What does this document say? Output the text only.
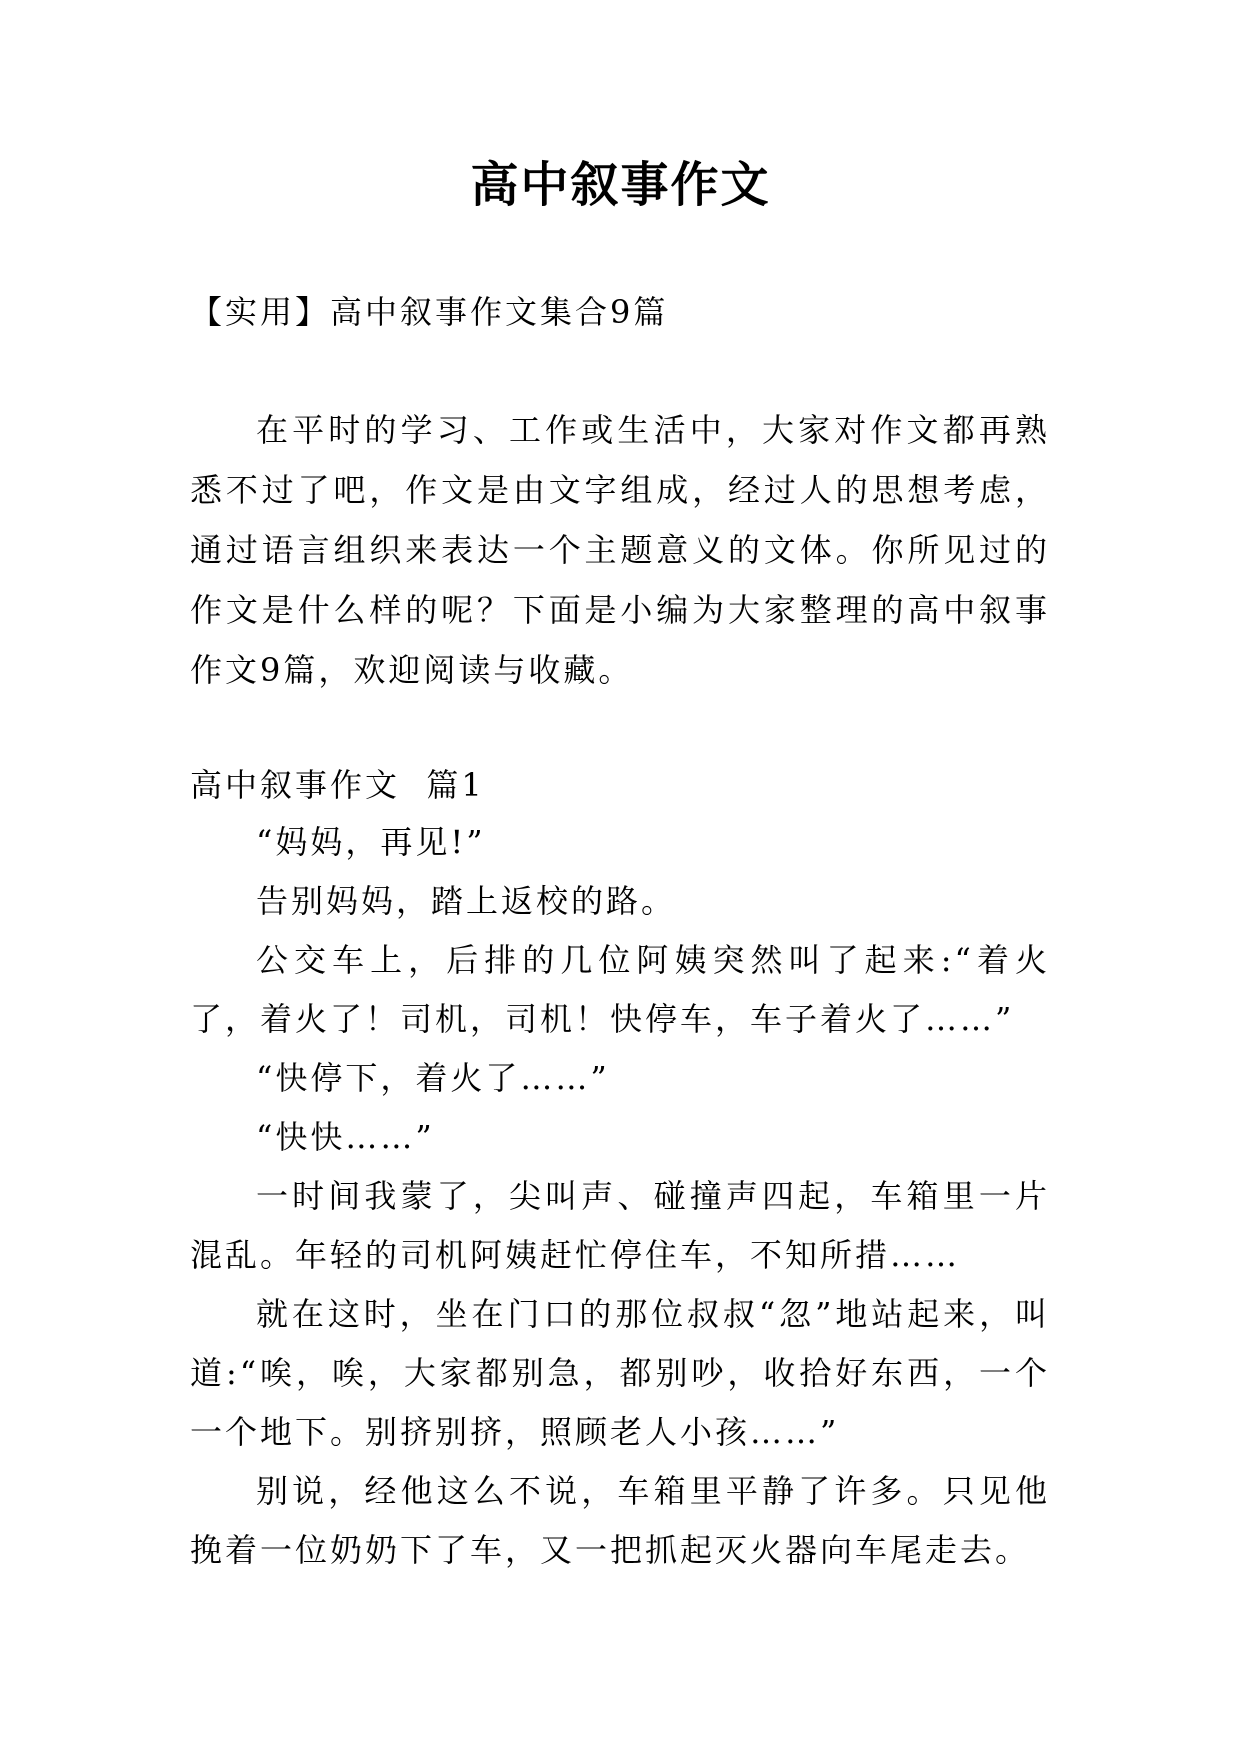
高中叙事作文
【实用】高中叙事作文集合9篇

在平时的学习、工作或生活中，大家对作文都再熟悉不过了吧，作文是由文字组成，经过人的思想考虑，通过语言组织来表达一个主题意义的文体。你所见过的作文是什么样的呢？下面是小编为大家整理的高中叙事作文9篇，欢迎阅读与收藏。

高中叙事作文  篇1

“妈妈，再见!”

告别妈妈，踏上返校的路。

公交车上，后排的几位阿姨突然叫了起来:“着火了，着火了！司机，司机！快停车，车子着火了……”

“快停下，着火了……”

“快快……”

一时间我蒙了，尖叫声、碰撞声四起，车箱里一片混乱。年轻的司机阿姨赶忙停住车，不知所措……

就在这时，坐在门口的那位叔叔“忽”地站起来，叫道:“唉，唉，大家都别急，都别吵，收拾好东西，一个一个地下。别挤别挤，照顾老人小孩……”

别说，经他这么不说，车箱里平静了许多。只见他挽着一位奶奶下了车，又一把抓起灭火器向车尾走去。
